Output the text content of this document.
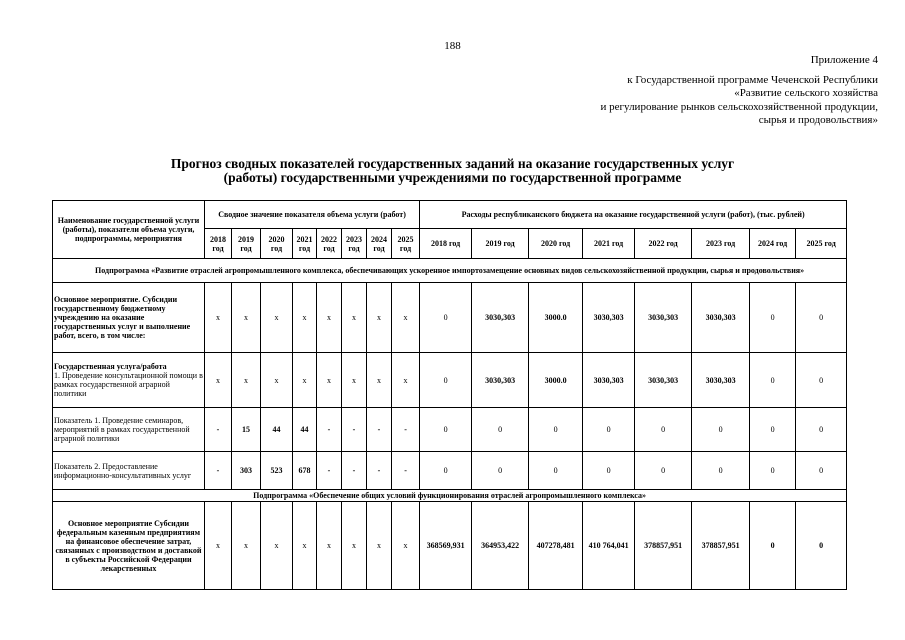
188
Приложение 4
к Государственной программе Чеченской Республики
«Развитие сельского хозяйства
и регулирование рынков сельскохозяйственной продукции,
сырья и продовольствия»
Прогноз сводных показателей государственных заданий на оказание государственных услуг
(работы) государственными учреждениями по государственной программе
Наименование государственной услуги (работы), показатели объема услуги, подпрограммы, мероприятия	Сводное значение показателя объема услуги (работ)								Расходы республиканского бюджета на оказание государственной услуги (работ), (тыс. рублей)							
	2018 год	2019 год	2020 год	2021 год	2022 год	2023 год	2024 год	2025 год	2018 год	2019 год	2020 год	2021 год	2022 год	2023 год	2024 год	2025 год
Подпрограмма «Развитие отраслей агропромышленного комплекса, обеспечивающих ускоренное импортозамещение основных видов сельскохозяйственной продукции, сырья и продовольствия»																
Основное мероприятие. Субсидии государственному бюджетному учреждению на оказание государственных услуг и выполнение работ, всего, в том числе:	x	x	x	x	x	x	x	x	0	3030,303	3000.0	3030,303	3030,303	3030,303	0	0
Государственная услуга/работа
1. Проведение консультационной помощи в рамках государственной аграрной политики	x	x	x	x	x	x	x	x	0	3030,303	3000.0	3030,303	3030,303	3030,303	0	0
Показатель 1. Проведение семинаров, мероприятий в рамках государственной аграрной политики	-	15	44	44	-	-	-	-	0	0	0	0	0	0	0	0
Показатель 2. Предоставление информационно-консультативных услуг	-	303	523	678	-	-	-	-	0	0	0	0	0	0	0	0
Подпрограмма «Обеспечение общих условий функционирования отраслей агропромышленного комплекса»																
Основное мероприятие Субсидии федеральным казенным предприятиям на финансовое обеспечение затрат, связанных с производством и доставкой в субъекты Российской Федерации лекарственных	x	x	x	x	x	x	x	x	368569,931	364953,422	407278,481	410 764,041	378857,951	378857,951	0	0
